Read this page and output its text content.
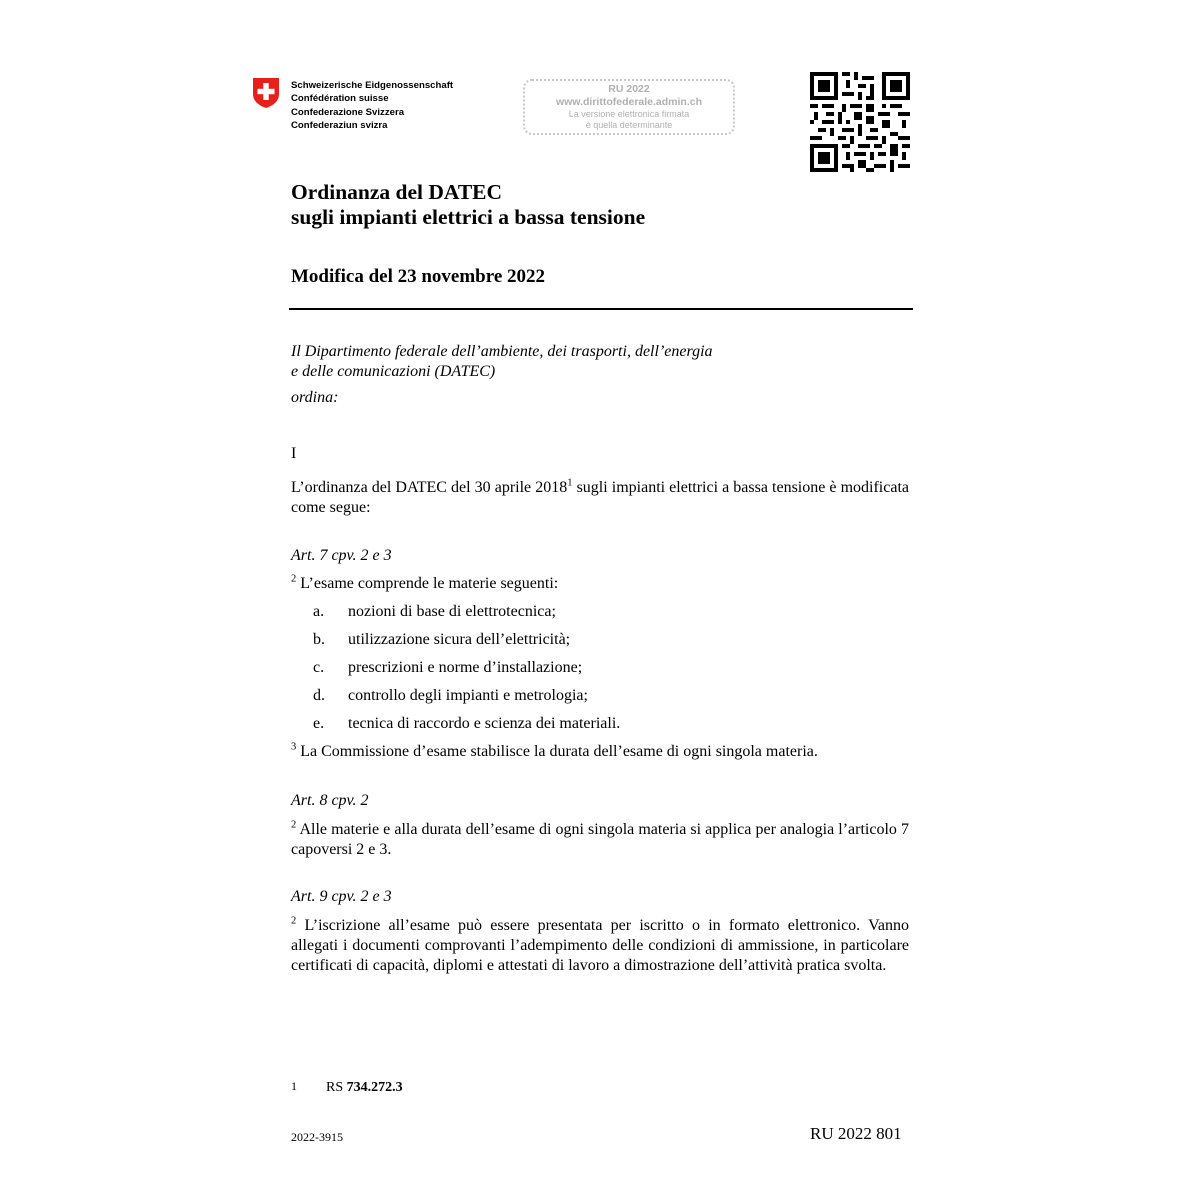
Schweizerische Eidgenossenschaft
Confédération suisse
Confederazione Svizzera
Confederaziun svizra
RU 2022
www.dirittofederale.admin.ch
La versione elettronica firmata
è quella determinante
Ordinanza del DATEC
sugli impianti elettrici a bassa tensione
Modifica del 23 novembre 2022
Il Dipartimento federale dell’ambiente, dei trasporti, dell’energia
e delle comunicazioni (DATEC)
ordina:
I
L’ordinanza del DATEC del 30 aprile 2018$^1$ sugli impianti elettrici a bassa tensione è modificata come segue:
Art. 7 cpv. 2 e 3
$^2$ L’esame comprende le materie seguenti:
a. nozioni di base di elettrotecnica;
b. utilizzazione sicura dell’elettricità;
c. prescrizioni e norme d’installazione;
d. controllo degli impianti e metrologia;
e. tecnica di raccordo e scienza dei materiali.
$^3$ La Commissione d’esame stabilisce la durata dell’esame di ogni singola materia.
Art. 8 cpv. 2
$^2$ Alle materie e alla durata dell’esame di ogni singola materia si applica per analogia l’articolo 7 capoversi 2 e 3.
Art. 9 cpv. 2 e 3
$^2$ L’iscrizione all’esame può essere presentata per iscritto o in formato elettronico. Vanno allegati i documenti comprovanti l’adempimento delle condizioni di ammissione, in particolare certificati di capacità, diplomi e attestati di lavoro a dimostrazione dell’attività pratica svolta.
1 RS 734.272.3
2022-3915	RU 2022 801
